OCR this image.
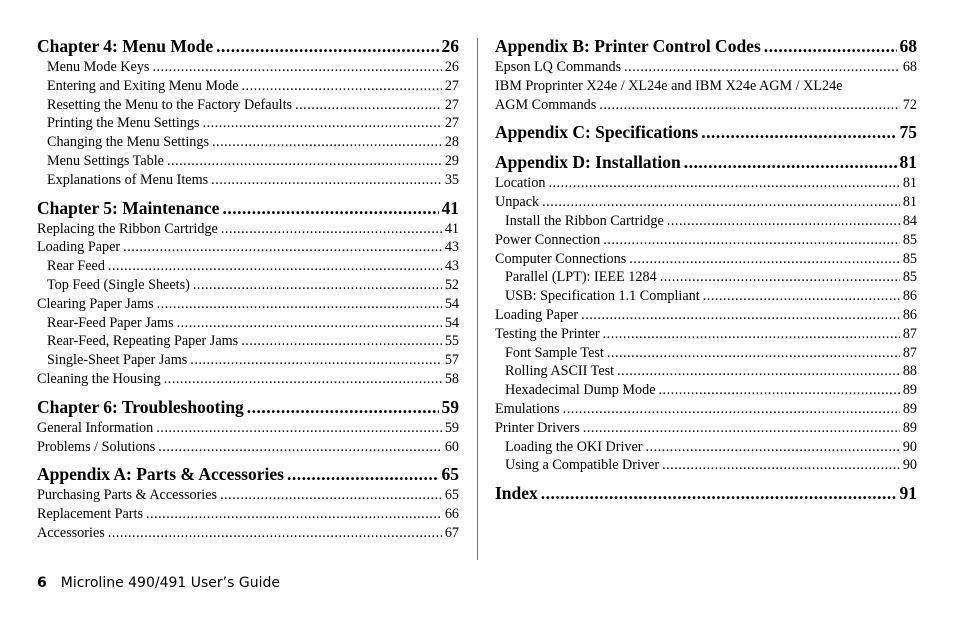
Chapter 4: Menu Mode .....	26
Menu Mode Keys .....	26
Entering and Exiting Menu Mode .....	27
Resetting the Menu to the Factory Defaults .....	27
Printing the Menu Settings .....	27
Changing the Menu Settings .....	28
Menu Settings Table .....	29
Explanations of Menu Items .....	35
Chapter 5: Maintenance .....	41
Replacing the Ribbon Cartridge .....	41
Loading Paper .....	43
Rear Feed .....	43
Top Feed (Single Sheets) .....	52
Clearing Paper Jams .....	54
Rear-Feed Paper Jams .....	54
Rear-Feed, Repeating Paper Jams .....	55
Single-Sheet Paper Jams .....	57
Cleaning the Housing .....	58
Chapter 6: Troubleshooting .....	59
General Information .....	59
Problems / Solutions .....	60
Appendix A: Parts & Accessories .....	65
Purchasing Parts & Accessories .....	65
Replacement Parts .....	66
Accessories .....	67
Appendix B: Printer Control Codes .....	68
Epson LQ Commands .....	68
IBM Proprinter X24e / XL24e and IBM X24e AGM / XL24e
AGM Commands .....	72
Appendix C: Specifications .....	75
Appendix D: Installation .....	81
Location .....	81
Unpack .....	81
Install the Ribbon Cartridge .....	84
Power Connection .....	85
Computer Connections .....	85
Parallel (LPT): IEEE 1284 .....	85
USB: Specification 1.1 Compliant .....	86
Loading Paper .....	86
Testing the Printer .....	87
Font Sample Test .....	87
Rolling ASCII Test .....	88
Hexadecimal Dump Mode .....	89
Emulations .....	89
Printer Drivers .....	89
Loading the OKI Driver .....	90
Using a Compatible Driver .....	90
Index .....	91
6 Microline 490/491 User’s Guide
